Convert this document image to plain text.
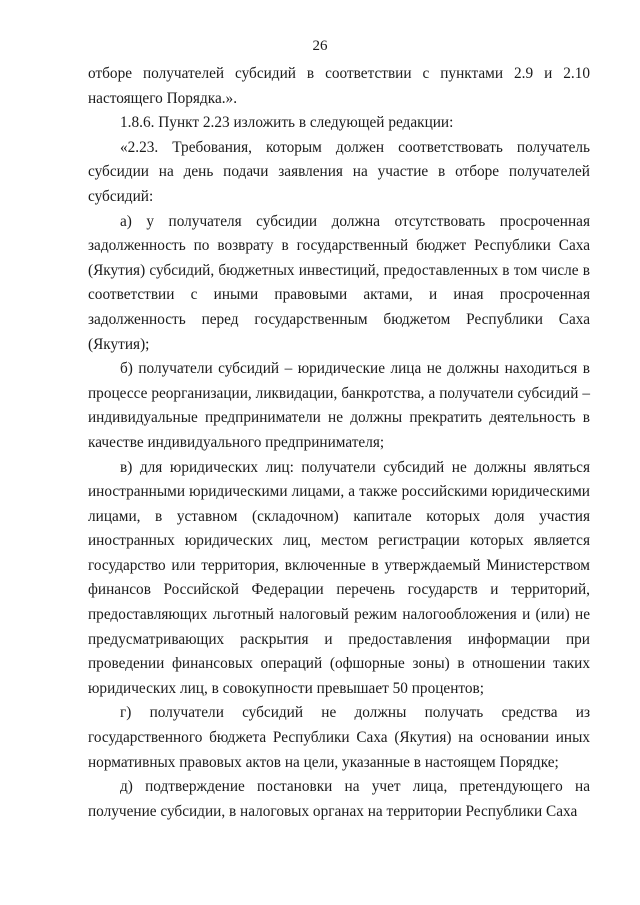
26

отборе получателей субсидий в соответствии с пунктами 2.9 и 2.10 настоящего Порядка.».

1.8.6. Пункт 2.23 изложить в следующей редакции:

«2.23. Требования, которым должен соответствовать получатель субсидии на день подачи заявления на участие в отборе получателей субсидий:

а) у получателя субсидии должна отсутствовать просроченная задолженность по возврату в государственный бюджет Республики Саха (Якутия) субсидий, бюджетных инвестиций, предоставленных в том числе в соответствии с иными правовыми актами, и иная просроченная задолженность перед государственным бюджетом Республики Саха (Якутия);

б) получатели субсидий – юридические лица не должны находиться в процессе реорганизации, ликвидации, банкротства, а получатели субсидий – индивидуальные предприниматели не должны прекратить деятельность в качестве индивидуального предпринимателя;

в) для юридических лиц: получатели субсидий не должны являться иностранными юридическими лицами, а также российскими юридическими лицами, в уставном (складочном) капитале которых доля участия иностранных юридических лиц, местом регистрации которых является государство или территория, включенные в утверждаемый Министерством финансов Российской Федерации перечень государств и территорий, предоставляющих льготный налоговый режим налогообложения и (или) не предусматривающих раскрытия и предоставления информации при проведении финансовых операций (офшорные зоны) в отношении таких юридических лиц, в совокупности превышает 50 процентов;

г) получатели субсидий не должны получать средства из государственного бюджета Республики Саха (Якутия) на основании иных нормативных правовых актов на цели, указанные в настоящем Порядке;

д) подтверждение постановки на учет лица, претендующего на получение субсидии, в налоговых органах на территории Республики Саха
